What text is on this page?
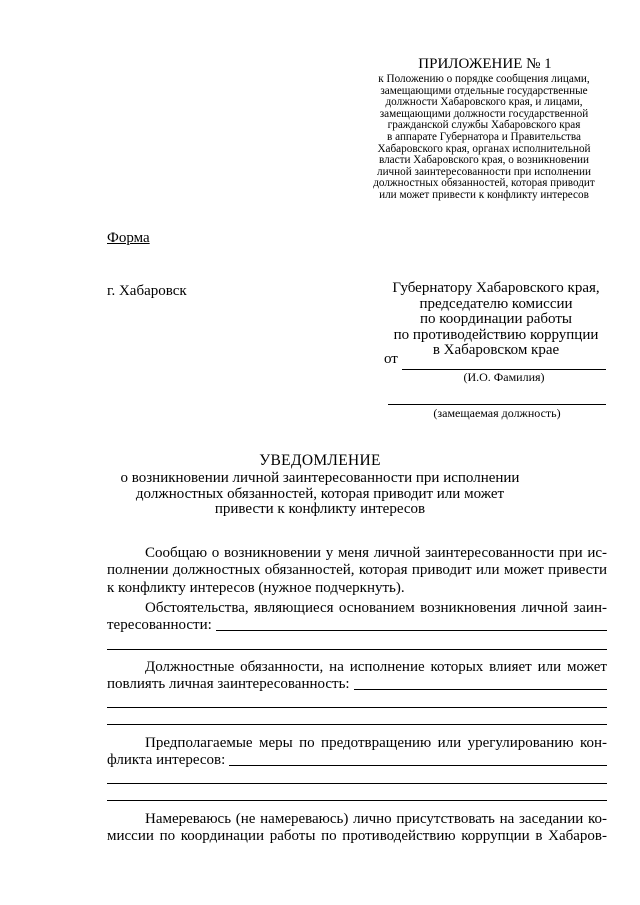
ПРИЛОЖЕНИЕ № 1
к Положению о порядке сообщения лицами,
замещающими отдельные государственные
должности Хабаровского края, и лицами,
замещающими должности государственной
гражданской службы Хабаровского края
в аппарате Губернатора и Правительства
Хабаровского края, органах исполнительной
власти Хабаровского края, о возникновении
личной заинтересованности при исполнении
должностных обязанностей, которая приводит
или может привести к конфликту интересов
Форма
г. Хабаровск	Губернатору Хабаровского края,
председателю комиссии
по координации работы
по противодействию коррупции
в Хабаровском крае
от
(И.О. Фамилия)
(замещаемая должность)
УВЕДОМЛЕНИЕ
о возникновении личной заинтересованности при исполнении
должностных обязанностей, которая приводит или может
привести к конфликту интересов
Сообщаю о возникновении у меня личной заинтересованности при ис-
полнении должностных обязанностей, которая приводит или может привести
к конфликту интересов (нужное подчеркнуть).
Обстоятельства, являющиеся основанием возникновения личной заин-
тересованности:
Должностные обязанности, на исполнение которых влияет или может
повлиять личная заинтересованность:
Предполагаемые меры по предотвращению или урегулированию кон-
фликта интересов:
Намереваюсь (не намереваюсь) лично присутствовать на заседании ко-
миссии по координации работы по противодействию коррупции в Хабаров-
